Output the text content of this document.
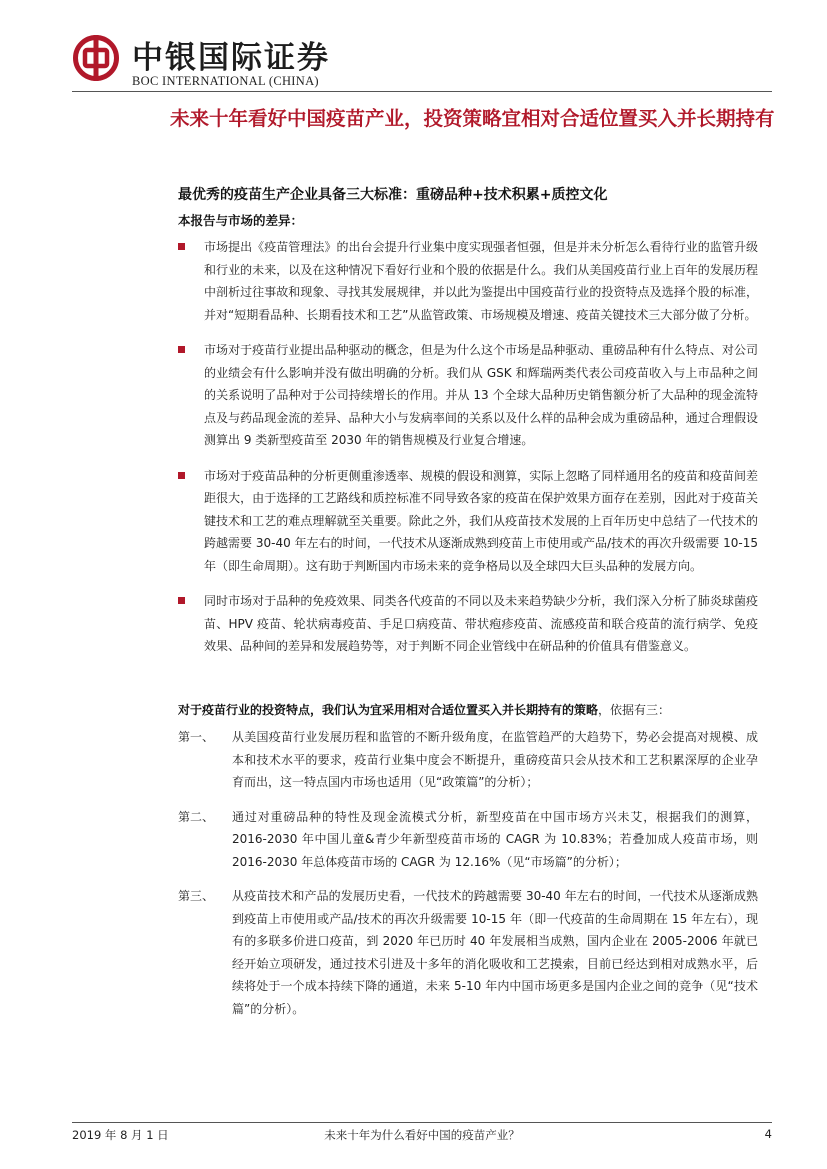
中银国际证券
BOC INTERNATIONAL (CHINA)
未来十年看好中国疫苗产业，投资策略宜相对合适位置买入并长期持有
最优秀的疫苗生产企业具备三大标准：重磅品种+技术积累+质控文化
本报告与市场的差异：
市场提出《疫苗管理法》的出台会提升行业集中度实现强者恒强，但是并未分析怎么看待行业的监管升级和行业的未来，以及在这种情况下看好行业和个股的依据是什么。我们从美国疫苗行业上百年的发展历程中剖析过往事故和现象、寻找其发展规律，并以此为鉴提出中国疫苗行业的投资特点及选择个股的标准，并对“短期看品种、长期看技术和工艺”从监管政策、市场规模及增速、疫苗关键技术三大部分做了分析。
市场对于疫苗行业提出品种驱动的概念，但是为什么这个市场是品种驱动、重磅品种有什么特点、对公司的业绩会有什么影响并没有做出明确的分析。我们从 GSK 和辉瑞两类代表公司疫苗收入与上市品种之间的关系说明了品种对于公司持续增长的作用。并从 13 个全球大品种历史销售额分析了大品种的现金流特点及与药品现金流的差异、品种大小与发病率间的关系以及什么样的品种会成为重磅品种，通过合理假设测算出 9 类新型疫苗至 2030 年的销售规模及行业复合增速。
市场对于疫苗品种的分析更侧重渗透率、规模的假设和测算，实际上忽略了同样通用名的疫苗和疫苗间差距很大，由于选择的工艺路线和质控标准不同导致各家的疫苗在保护效果方面存在差别，因此对于疫苗关键技术和工艺的难点理解就至关重要。除此之外，我们从疫苗技术发展的上百年历史中总结了一代技术的跨越需要 30-40 年左右的时间，一代技术从逐渐成熟到疫苗上市使用或产品/技术的再次升级需要 10-15 年（即生命周期）。这有助于判断国内市场未来的竞争格局以及全球四大巨头品种的发展方向。
同时市场对于品种的免疫效果、同类各代疫苗的不同以及未来趋势缺少分析，我们深入分析了肺炎球菌疫苗、HPV 疫苗、轮状病毒疫苗、手足口病疫苗、带状疱疹疫苗、流感疫苗和联合疫苗的流行病学、免疫效果、品种间的差异和发展趋势等，对于判断不同企业管线中在研品种的价值具有借鉴意义。

对于疫苗行业的投资特点，我们认为宜采用相对合适位置买入并长期持有的策略，依据有三：

第一、 从美国疫苗行业发展历程和监管的不断升级角度，在监管趋严的大趋势下，势必会提高对规模、成本和技术水平的要求，疫苗行业集中度会不断提升，重磅疫苗只会从技术和工艺积累深厚的企业孕育而出，这一特点国内市场也适用（见“政策篇”的分析）；
第二、 通过对重磅品种的特性及现金流模式分析，新型疫苗在中国市场方兴未艾，根据我们的测算，2016-2030 年中国儿童&青少年新型疫苗市场的 CAGR 为 10.83%；若叠加成人疫苗市场，则 2016-2030 年总体疫苗市场的 CAGR 为 12.16%（见“市场篇”的分析）；
第三、 从疫苗技术和产品的发展历史看，一代技术的跨越需要 30-40 年左右的时间，一代技术从逐渐成熟到疫苗上市使用或产品/技术的再次升级需要 10-15 年（即一代疫苗的生命周期在 15 年左右），现有的多联多价进口疫苗，到 2020 年已历时 40 年发展相当成熟，国内企业在 2005-2006 年就已经开始立项研发，通过技术引进及十多年的消化吸收和工艺摸索，目前已经达到相对成熟水平，后续将处于一个成本持续下降的通道，未来 5-10 年内中国市场更多是国内企业之间的竞争（见“技术篇”的分析）。
2019 年 8 月 1 日	未来十年为什么看好中国的疫苗产业？	4
